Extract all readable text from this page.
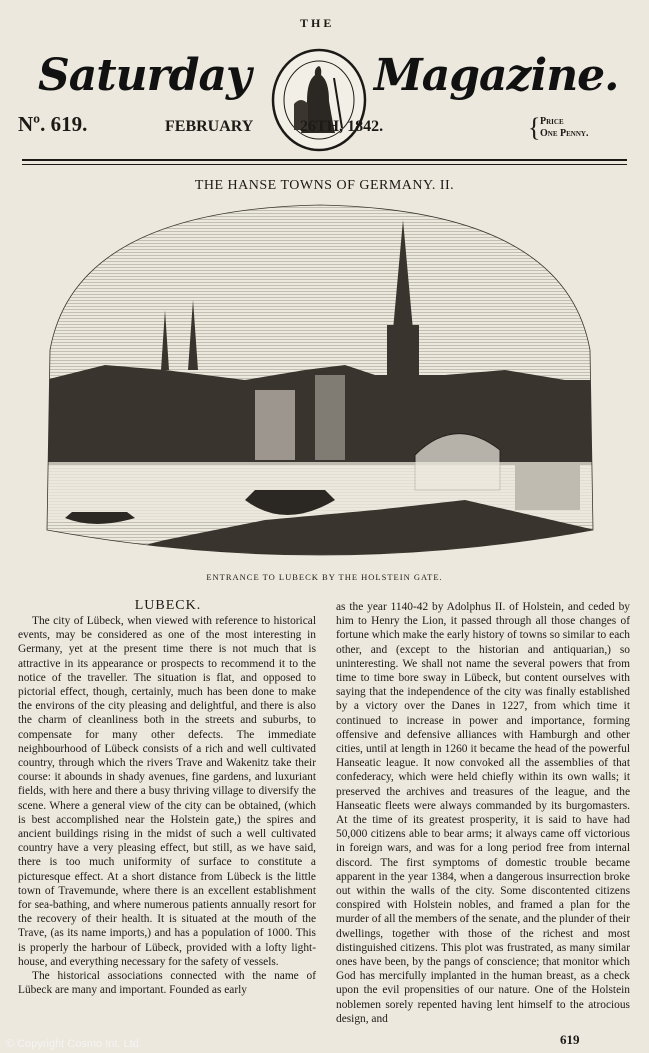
THE
Saturday	Magazine.
Nº. 619.	FEBRUARY	26TH, 1842.	{ Price
One Penny.
THE HANSE TOWNS OF GERMANY. II.
ENTRANCE TO LUBECK BY THE HOLSTEIN GATE.
LUBECK.

The city of Lübeck, when viewed with reference to historical events, may be considered as one of the most interesting in Germany, yet at the present time there is not much that is attractive in its appearance or prospects to recommend it to the notice of the traveller. The situation is flat, and opposed to pictorial effect, though, certainly, much has been done to make the environs of the city pleasing and delightful, and there is also the charm of cleanliness both in the streets and suburbs, to compensate for many other defects. The immediate neighbourhood of Lübeck consists of a rich and well cultivated country, through which the rivers Trave and Wakenitz take their course: it abounds in shady avenues, fine gardens, and luxuriant fields, with here and there a busy thriving village to diversify the scene. Where a general view of the city can be obtained, (which is best accomplished near the Holstein gate,) the spires and ancient buildings rising in the midst of such a well cultivated country have a very pleasing effect, but still, as we have said, there is too much uniformity of surface to constitute a picturesque effect. At a short distance from Lübeck is the little town of Travemunde, where there is an excellent establishment for sea-bathing, and where numerous patients annually resort for the recovery of their health. It is situated at the mouth of the Trave, (as its name imports,) and has a population of 1000. This is properly the harbour of Lübeck, provided with a lofty light-house, and everything necessary for the safety of vessels.

The historical associations connected with the name of Lübeck are many and important. Founded as early

as the year 1140-42 by Adolphus II. of Holstein, and ceded by him to Henry the Lion, it passed through all those changes of fortune which make the early history of towns so similar to each other, and (except to the historian and antiquarian,) so uninteresting. We shall not name the several powers that from time to time bore sway in Lübeck, but content ourselves with saying that the independence of the city was finally established by a victory over the Danes in 1227, from which time it continued to increase in power and importance, forming offensive and defensive alliances with Hamburgh and other cities, until at length in 1260 it became the head of the powerful Hanseatic league. It now convoked all the assemblies of that confederacy, which were held chiefly within its own walls; it preserved the archives and treasures of the league, and the Hanseatic fleets were always commanded by its burgomasters. At the time of its greatest prosperity, it is said to have had 50,000 citizens able to bear arms; it always came off victorious in foreign wars, and was for a long period free from internal discord. The first symptoms of domestic trouble became apparent in the year 1384, when a dangerous insurrection broke out within the walls of the city. Some discontented citizens conspired with Holstein nobles, and framed a plan for the murder of all the members of the senate, and the plunder of their dwellings, together with those of the richest and most distinguished citizens. This plot was frustrated, as many similar ones have been, by the pangs of conscience; that monitor which God has mercifully implanted in the human breast, as a check upon the evil propensities of our nature. One of the Holstein noblemen sorely repented having lent himself to the atrocious design, and

619
© Copyright Cosmo Int. Ltd
